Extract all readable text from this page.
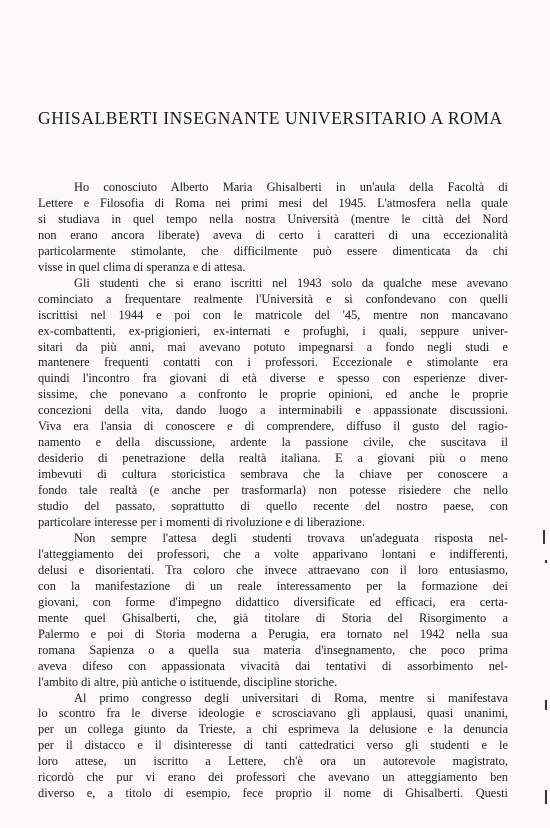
GHISALBERTI INSEGNANTE UNIVERSITARIO A ROMA
Ho conosciuto Alberto Maria Ghisalberti in un'aula della Facoltà di
Lettere e Filosofia di Roma nei primi mesi del 1945. L'atmosfera nella quale
si studiava in quel tempo nella nostra Università (mentre le città del Nord
non erano ancora liberate) aveva di certo i caratteri di una eccezionalità
particolarmente stimolante, che difficilmente può essere dimenticata da chi
visse in quel clima di speranza e di attesa.
Gli studenti che si erano iscritti nel 1943 solo da qualche mese avevano
cominciato a frequentare realmente l'Università e si confondevano con quelli
iscrittisi nel 1944 e poi con le matricole del '45, mentre non mancavano
ex-combattenti, ex-prigionieri, ex-internati e profughi, i quali, seppure univer-
sitari da più anni, mai avevano potuto impegnarsi a fondo negli studi e
mantenere frequenti contatti con i professori. Eccezionale e stimolante era
quindi l'incontro fra giovani di età diverse e spesso con esperienze diver-
sissime, che ponevano a confronto le proprie opinioni, ed anche le proprie
concezioni della vita, dando luogo a interminabili e appassionate discussioni.
Viva era l'ansia di conoscere e di comprendere, diffuso il gusto del ragio-
namento e della discussione, ardente la passione civile, che suscitava il
desiderio di penetrazione della realtà italiana. E a giovani più o meno
imbevuti di cultura storicistica sembrava che la chiave per conoscere a
fondo tale realtà (e anche per trasformarla) non potesse risiedere che nello
studio del passato, soprattutto di quello recente del nostro paese, con
particolare interesse per i momenti di rivoluzione e di liberazione.
Non sempre l'attesa degli studenti trovava un'adeguata risposta nel-
l'atteggiamento dei professori, che a volte apparivano lontani e indifferenti,
delusi e disorientati. Tra coloro che invece attraevano con il loro entusiasmo,
con la manifestazione di un reale interessamento per la formazione dei
giovani, con forme d'impegno didattico diversificate ed efficaci, era certa-
mente quel Ghisalberti, che, già titolare di Storia del Risorgimento a
Palermo e poi di Storia moderna a Perugia, era tornato nel 1942 nella sua
romana Sapienza o a quella sua materia d'insegnamento, che poco prima
aveva difeso con appassionata vivacità dai tentativi di assorbimento nel-
l'ambito di altre, più antiche o istituende, discipline storiche.
Al primo congresso degli universitari di Roma, mentre si manifestava
lo scontro fra le diverse ideologie e scrosciavano gli applausi, quasi unanimi,
per un collega giunto da Trieste, a chi esprimeva la delusione e la denuncia
per il distacco e il disinteresse di tanti cattedratici verso gli studenti e le
loro attese, un iscritto a Lettere, ch'è ora un autorevole magistrato,
ricordò che pur vi erano dei professori che avevano un atteggiamento ben
diverso e, a titolo di esempio, fece proprio il nome di Ghisalberti. Questi
